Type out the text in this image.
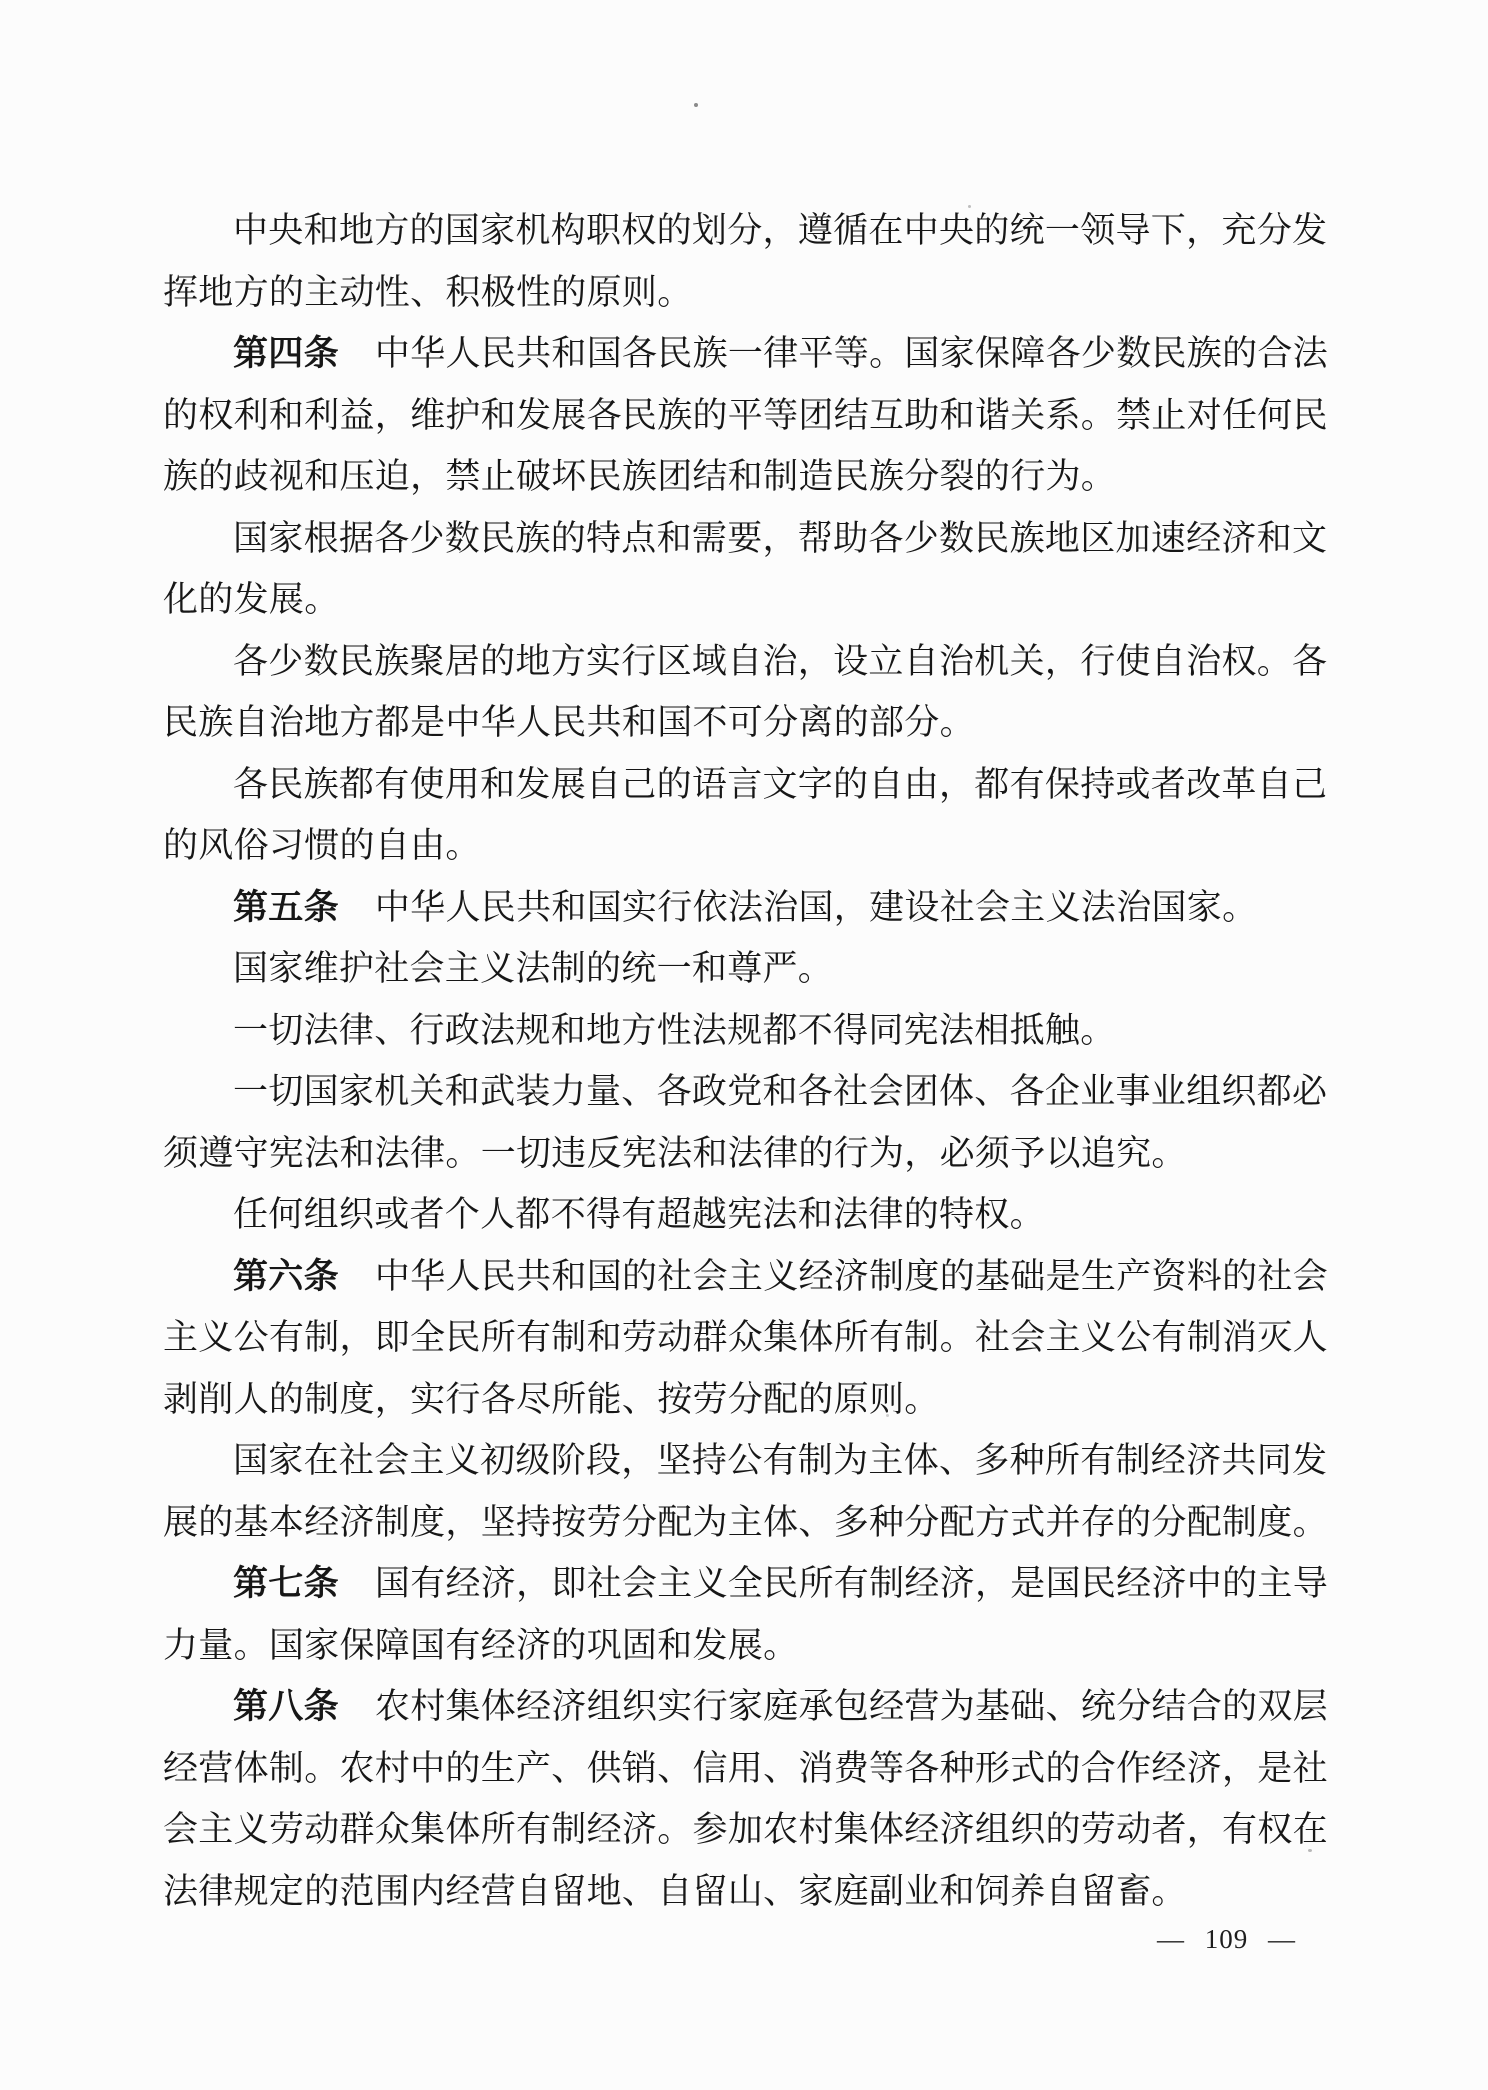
中央和地方的国家机构职权的划分，遵循在中央的统一领导下，充分发
挥地方的主动性、积极性的原则。
第四条 中华人民共和国各民族一律平等。国家保障各少数民族的合法
的权利和利益，维护和发展各民族的平等团结互助和谐关系。禁止对任何民
族的歧视和压迫，禁止破坏民族团结和制造民族分裂的行为。
国家根据各少数民族的特点和需要，帮助各少数民族地区加速经济和文
化的发展。
各少数民族聚居的地方实行区域自治，设立自治机关，行使自治权。各
民族自治地方都是中华人民共和国不可分离的部分。
各民族都有使用和发展自己的语言文字的自由，都有保持或者改革自己
的风俗习惯的自由。
第五条 中华人民共和国实行依法治国，建设社会主义法治国家。
国家维护社会主义法制的统一和尊严。
一切法律、行政法规和地方性法规都不得同宪法相抵触。
一切国家机关和武装力量、各政党和各社会团体、各企业事业组织都必
须遵守宪法和法律。一切违反宪法和法律的行为，必须予以追究。
任何组织或者个人都不得有超越宪法和法律的特权。
第六条 中华人民共和国的社会主义经济制度的基础是生产资料的社会
主义公有制，即全民所有制和劳动群众集体所有制。社会主义公有制消灭人
剥削人的制度，实行各尽所能、按劳分配的原则。
国家在社会主义初级阶段，坚持公有制为主体、多种所有制经济共同发
展的基本经济制度，坚持按劳分配为主体、多种分配方式并存的分配制度。
第七条 国有经济，即社会主义全民所有制经济，是国民经济中的主导
力量。国家保障国有经济的巩固和发展。
第八条 农村集体经济组织实行家庭承包经营为基础、统分结合的双层
经营体制。农村中的生产、供销、信用、消费等各种形式的合作经济，是社
会主义劳动群众集体所有制经济。参加农村集体经济组织的劳动者，有权在
法律规定的范围内经营自留地、自留山、家庭副业和饲养自留畜。
— 109 —
